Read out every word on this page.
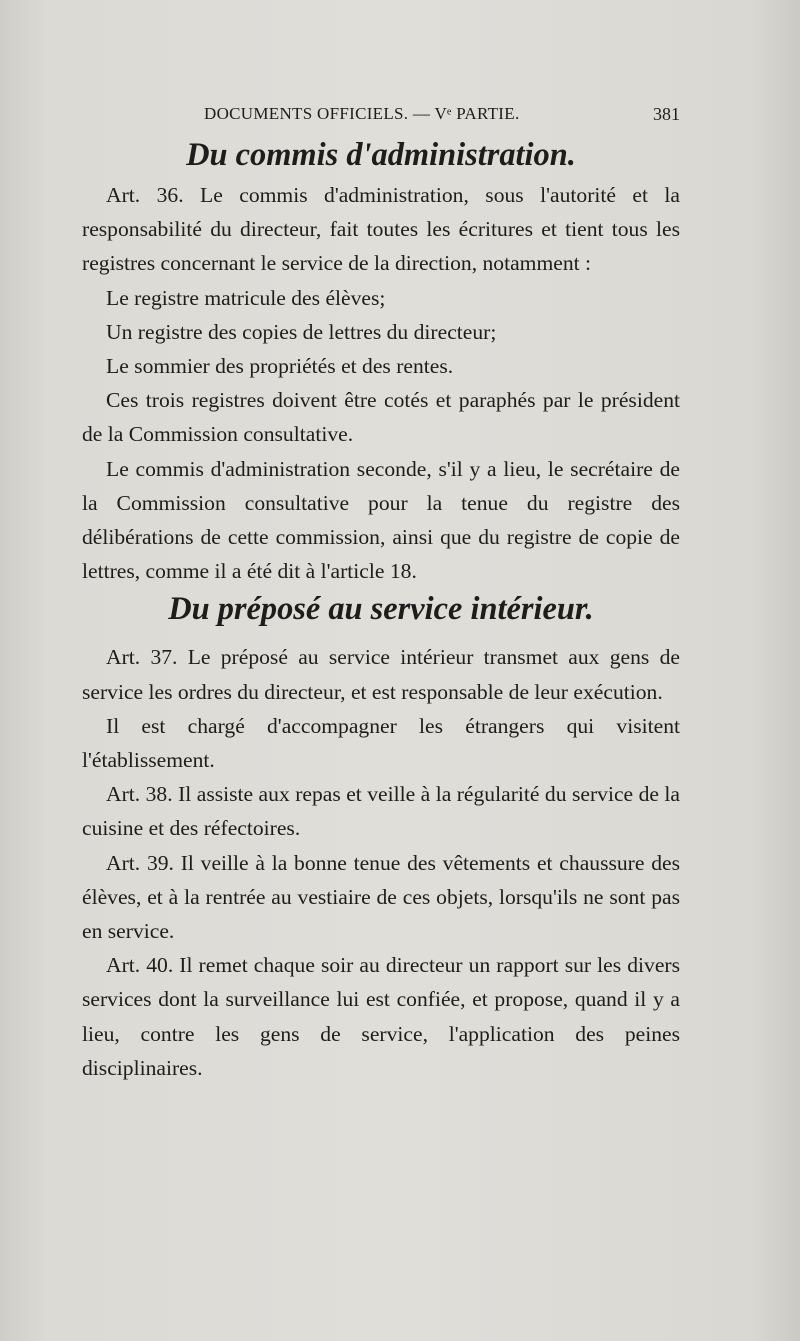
DOCUMENTS OFFICIELS. — Vᵉ PARTIE.	381
Du commis d'administration.

Art. 36. Le commis d'administration, sous l'autorité et la responsabilité du directeur, fait toutes les écritures et tient tous les registres concernant le service de la direction, notamment :

Le registre matricule des élèves;

Un registre des copies de lettres du directeur;

Le sommier des propriétés et des rentes.

Ces trois registres doivent être cotés et paraphés par le président de la Commission consultative.

Le commis d'administration seconde, s'il y a lieu, le secrétaire de la Commission consultative pour la tenue du registre des délibérations de cette commission, ainsi que du registre de copie de lettres, comme il a été dit à l'article 18.

Du préposé au service intérieur.

Art. 37. Le préposé au service intérieur transmet aux gens de service les ordres du directeur, et est responsable de leur exécution.

Il est chargé d'accompagner les étrangers qui visitent l'établissement.

Art. 38. Il assiste aux repas et veille à la régularité du service de la cuisine et des réfectoires.

Art. 39. Il veille à la bonne tenue des vêtements et chaussure des élèves, et à la rentrée au vestiaire de ces objets, lorsqu'ils ne sont pas en service.

Art. 40. Il remet chaque soir au directeur un rapport sur les divers services dont la surveillance lui est confiée, et propose, quand il y a lieu, contre les gens de service, l'application des peines disciplinaires.
